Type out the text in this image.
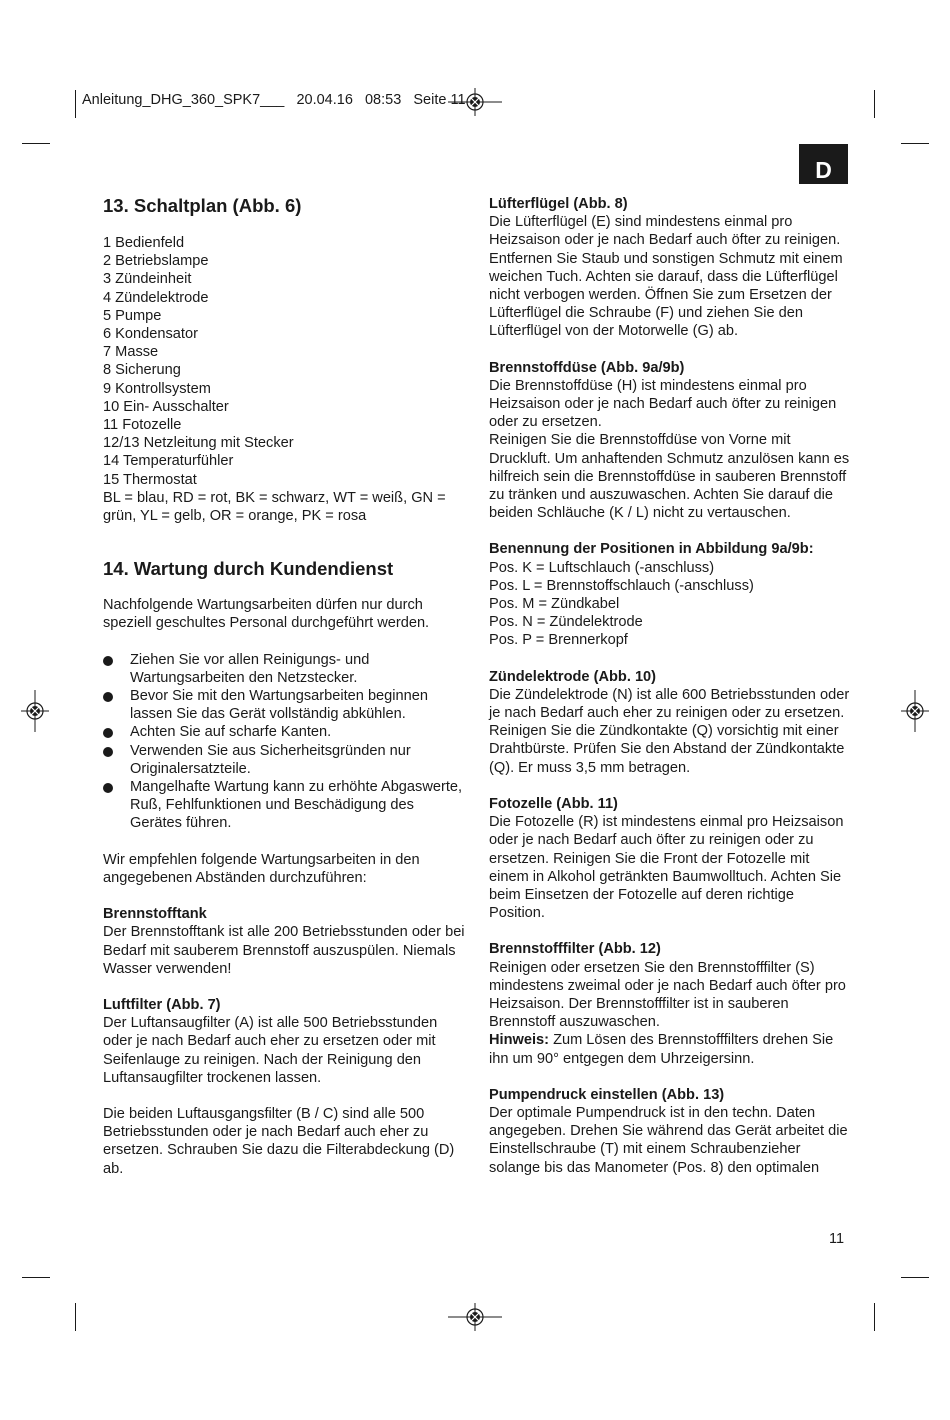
Anleitung_DHG_360_SPK7___ 20.04.16 08:53 Seite 11
D
13. Schaltplan (Abb. 6)
1 Bedienfeld
2 Betriebslampe
3 Zündeinheit
4 Zündelektrode
5 Pumpe
6 Kondensator
7 Masse
8 Sicherung
9 Kontrollsystem
10 Ein- Ausschalter
11 Fotozelle
12/13 Netzleitung mit Stecker
14 Temperaturfühler
15 Thermostat

BL = blau, RD = rot, BK = schwarz, WT = weiß, GN = grün, YL = gelb, OR = orange, PK = rosa

14. Wartung durch Kundendienst

Nachfolgende Wartungsarbeiten dürfen nur durch speziell geschultes Personal durchgeführt werden.

Ziehen Sie vor allen Reinigungs- und Wartungsarbeiten den Netzstecker.
Bevor Sie mit den Wartungsarbeiten beginnen lassen Sie das Gerät vollständig abkühlen.
Achten Sie auf scharfe Kanten.
Verwenden Sie aus Sicherheitsgründen nur Originalersatzteile.
Mangelhafte Wartung kann zu erhöhte Abgaswerte, Ruß, Fehlfunktionen und Beschädigung des Gerätes führen.

Wir empfehlen folgende Wartungsarbeiten in den angegebenen Abständen durchzuführen:

Brennstofftank

Der Brennstofftank ist alle 200 Betriebsstunden oder bei Bedarf mit sauberem Brennstoff auszuspülen. Niemals Wasser verwenden!

Luftfilter (Abb. 7)

Der Luftansaugfilter (A) ist alle 500 Betriebsstunden oder je nach Bedarf auch eher zu ersetzen oder mit Seifenlauge zu reinigen. Nach der Reinigung den Luftansaugfilter trockenen lassen.

Die beiden Luftausgangsfilter (B / C) sind alle 500 Betriebsstunden oder je nach Bedarf auch eher zu ersetzen. Schrauben Sie dazu die Filterabdeckung (D) ab.

Lüfterflügel (Abb. 8)

Die Lüfterflügel (E) sind mindestens einmal pro Heizsaison oder je nach Bedarf auch öfter zu reinigen. Entfernen Sie Staub und sonstigen Schmutz mit einem weichen Tuch. Achten sie darauf, dass die Lüfterflügel nicht verbogen werden. Öffnen Sie zum Ersetzen der Lüfterflügel die Schraube (F) und ziehen Sie den Lüfterflügel von der Motorwelle (G) ab.

Brennstoffdüse (Abb. 9a/9b)

Die Brennstoffdüse (H) ist mindestens einmal pro Heizsaison oder je nach Bedarf auch öfter zu reinigen oder zu ersetzen.

Reinigen Sie die Brennstoffdüse von Vorne mit Druckluft. Um anhaftenden Schmutz anzulösen kann es hilfreich sein die Brennstoffdüse in sauberen Brennstoff zu tränken und auszuwaschen. Achten Sie darauf die beiden Schläuche (K / L) nicht zu vertauschen.

Benennung der Positionen in Abbildung 9a/9b:

Pos. K = Luftschlauch (-anschluss)
Pos. L = Brennstoffschlauch (-anschluss)
Pos. M = Zündkabel
Pos. N = Zündelektrode
Pos. P = Brennerkopf

Zündelektrode (Abb. 10)

Die Zündelektrode (N) ist alle 600 Betriebsstunden oder je nach Bedarf auch eher zu reinigen oder zu ersetzen. Reinigen Sie die Zündkontakte (Q) vorsichtig mit einer Drahtbürste. Prüfen Sie den Abstand der Zündkontakte (Q). Er muss 3,5 mm betragen.

Fotozelle (Abb. 11)

Die Fotozelle (R) ist mindestens einmal pro Heizsaison oder je nach Bedarf auch öfter zu reinigen oder zu ersetzen. Reinigen Sie die Front der Fotozelle mit einem in Alkohol getränkten Baumwolltuch. Achten Sie beim Einsetzen der Fotozelle auf deren richtige Position.

Brennstofffilter (Abb. 12)

Reinigen oder ersetzen Sie den Brennstofffilter (S) mindestens zweimal oder je nach Bedarf auch öfter pro Heizsaison. Der Brennstofffilter ist in sauberen Brennstoff auszuwaschen.

Hinweis: Zum Lösen des Brennstofffilters drehen Sie ihn um 90° entgegen dem Uhrzeigersinn.

Pumpendruck einstellen (Abb. 13)

Der optimale Pumpendruck ist in den techn. Daten angegeben. Drehen Sie während das Gerät arbeitet die Einstellschraube (T) mit einem Schraubenzieher solange bis das Manometer (Pos. 8) den optimalen

11
